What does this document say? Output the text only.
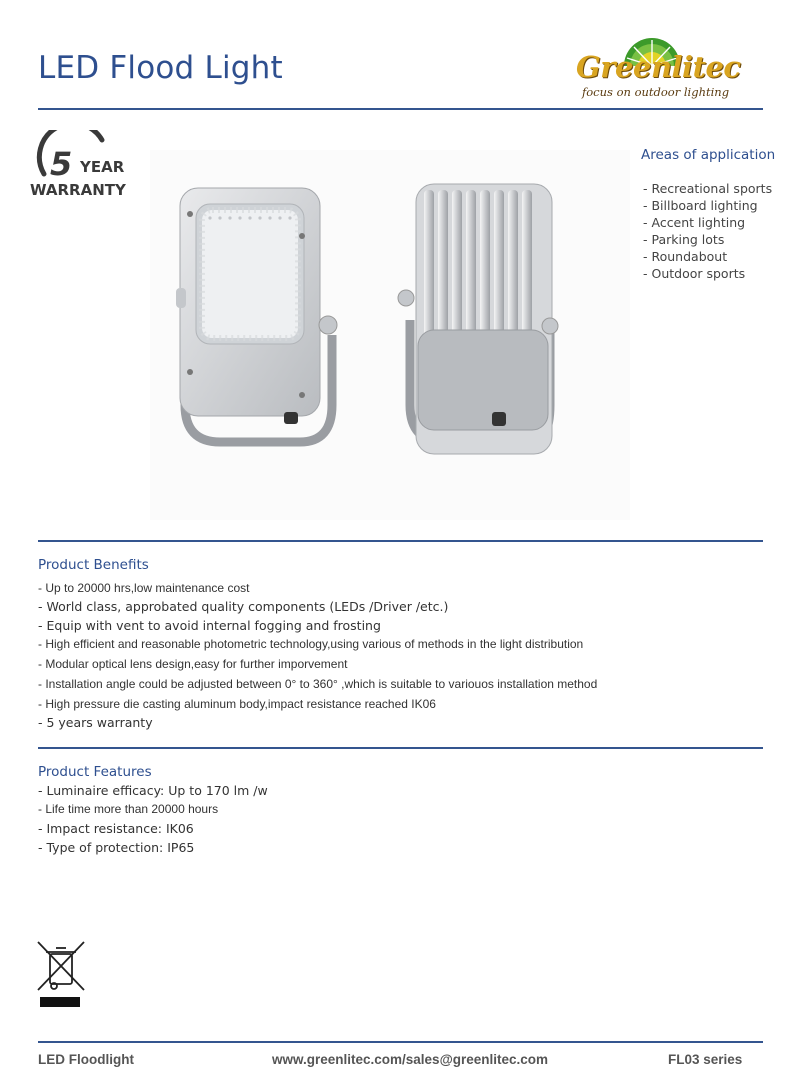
LED Flood Light	Greenlitec
focus on outdoor lighting
5 YEAR
WARRANTY
Areas of application
- Recreational sports
- Billboard lighting
- Accent lighting
- Parking lots
- Roundabout
- Outdoor sports
Product Benefits
- Up to 20000 hrs,low maintenance cost
- World class, approbated quality components (LEDs /Driver /etc.)
- Equip with vent to avoid internal fogging and frosting
- High efficient and reasonable photometric technology,using various of methods in the light distribution
- Modular optical lens design,easy for further imporvement
- Installation angle could be adjusted between 0° to 360° ,which is suitable to variouos installation method
- High pressure die casting aluminum body,impact resistance reached IK06
- 5 years warranty
Product Features
- Luminaire efficacy: Up to 170 lm /w
- Life time more than 20000 hours
- Impact resistance: IK06
- Type of protection: IP65
LED Floodlight	www.greenlitec.com/sales@greenlitec.com	FL03 series
